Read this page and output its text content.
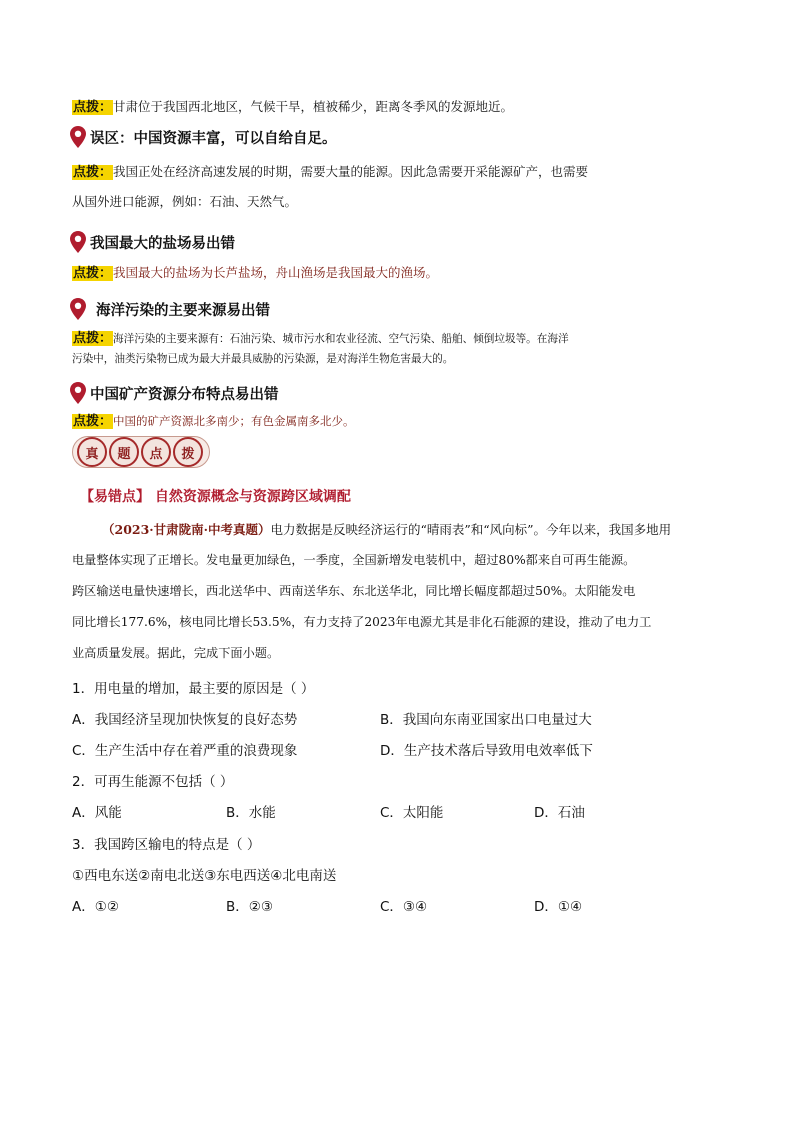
点拨：甘肃位于我国西北地区，气候干旱，植被稀少，距离冬季风的发源地近。
误区：中国资源丰富，可以自给自足。
点拨：我国正处在经济高速发展的时期，需要大量的能源。因此急需要开采能源矿产，也需要
从国外进口能源，例如：石油、天然气。
我国最大的盐场易出错
点拨：我国最大的盐场为长芦盐场，舟山渔场是我国最大的渔场。
海洋污染的主要来源易出错
点拨：海洋污染的主要来源有：石油污染、城市污水和农业径流、空气污染、船舶、倾倒垃圾等。在海洋
污染中，油类污染物已成为最大并最具威胁的污染源，是对海洋生物危害最大的。
中国矿产资源分布特点易出错
点拨：中国的矿产资源北多南少；有色金属南多北少。
真	题	点	拨
【易错点】 自然资源概念与资源跨区域调配
（2023·甘肃陇南·中考真题）电力数据是反映经济运行的“晴雨表”和“风向标”。今年以来，我国多地用
电量整体实现了正增长。发电量更加绿色，一季度，全国新增发电装机中，超过80%都来自可再生能源。
跨区输送电量快速增长，西北送华中、西南送华东、东北送华北，同比增长幅度都超过50%。太阳能发电
同比增长177.6%，核电同比增长53.5%，有力支持了2023年电源尤其是非化石能源的建设，推动了电力工
业高质量发展。据此，完成下面小题。
1．用电量的增加，最主要的原因是（ ）
A．我国经济呈现加快恢复的良好态势	B．我国向东南亚国家出口电量过大
C．生产生活中存在着严重的浪费现象	D．生产技术落后导致用电效率低下
2．可再生能源不包括（ ）
A．风能	B．水能	C．太阳能	D．石油
3．我国跨区输电的特点是（ ）
①西电东送②南电北送③东电西送④北电南送
A．①②	B．②③	C．③④	D．①④
